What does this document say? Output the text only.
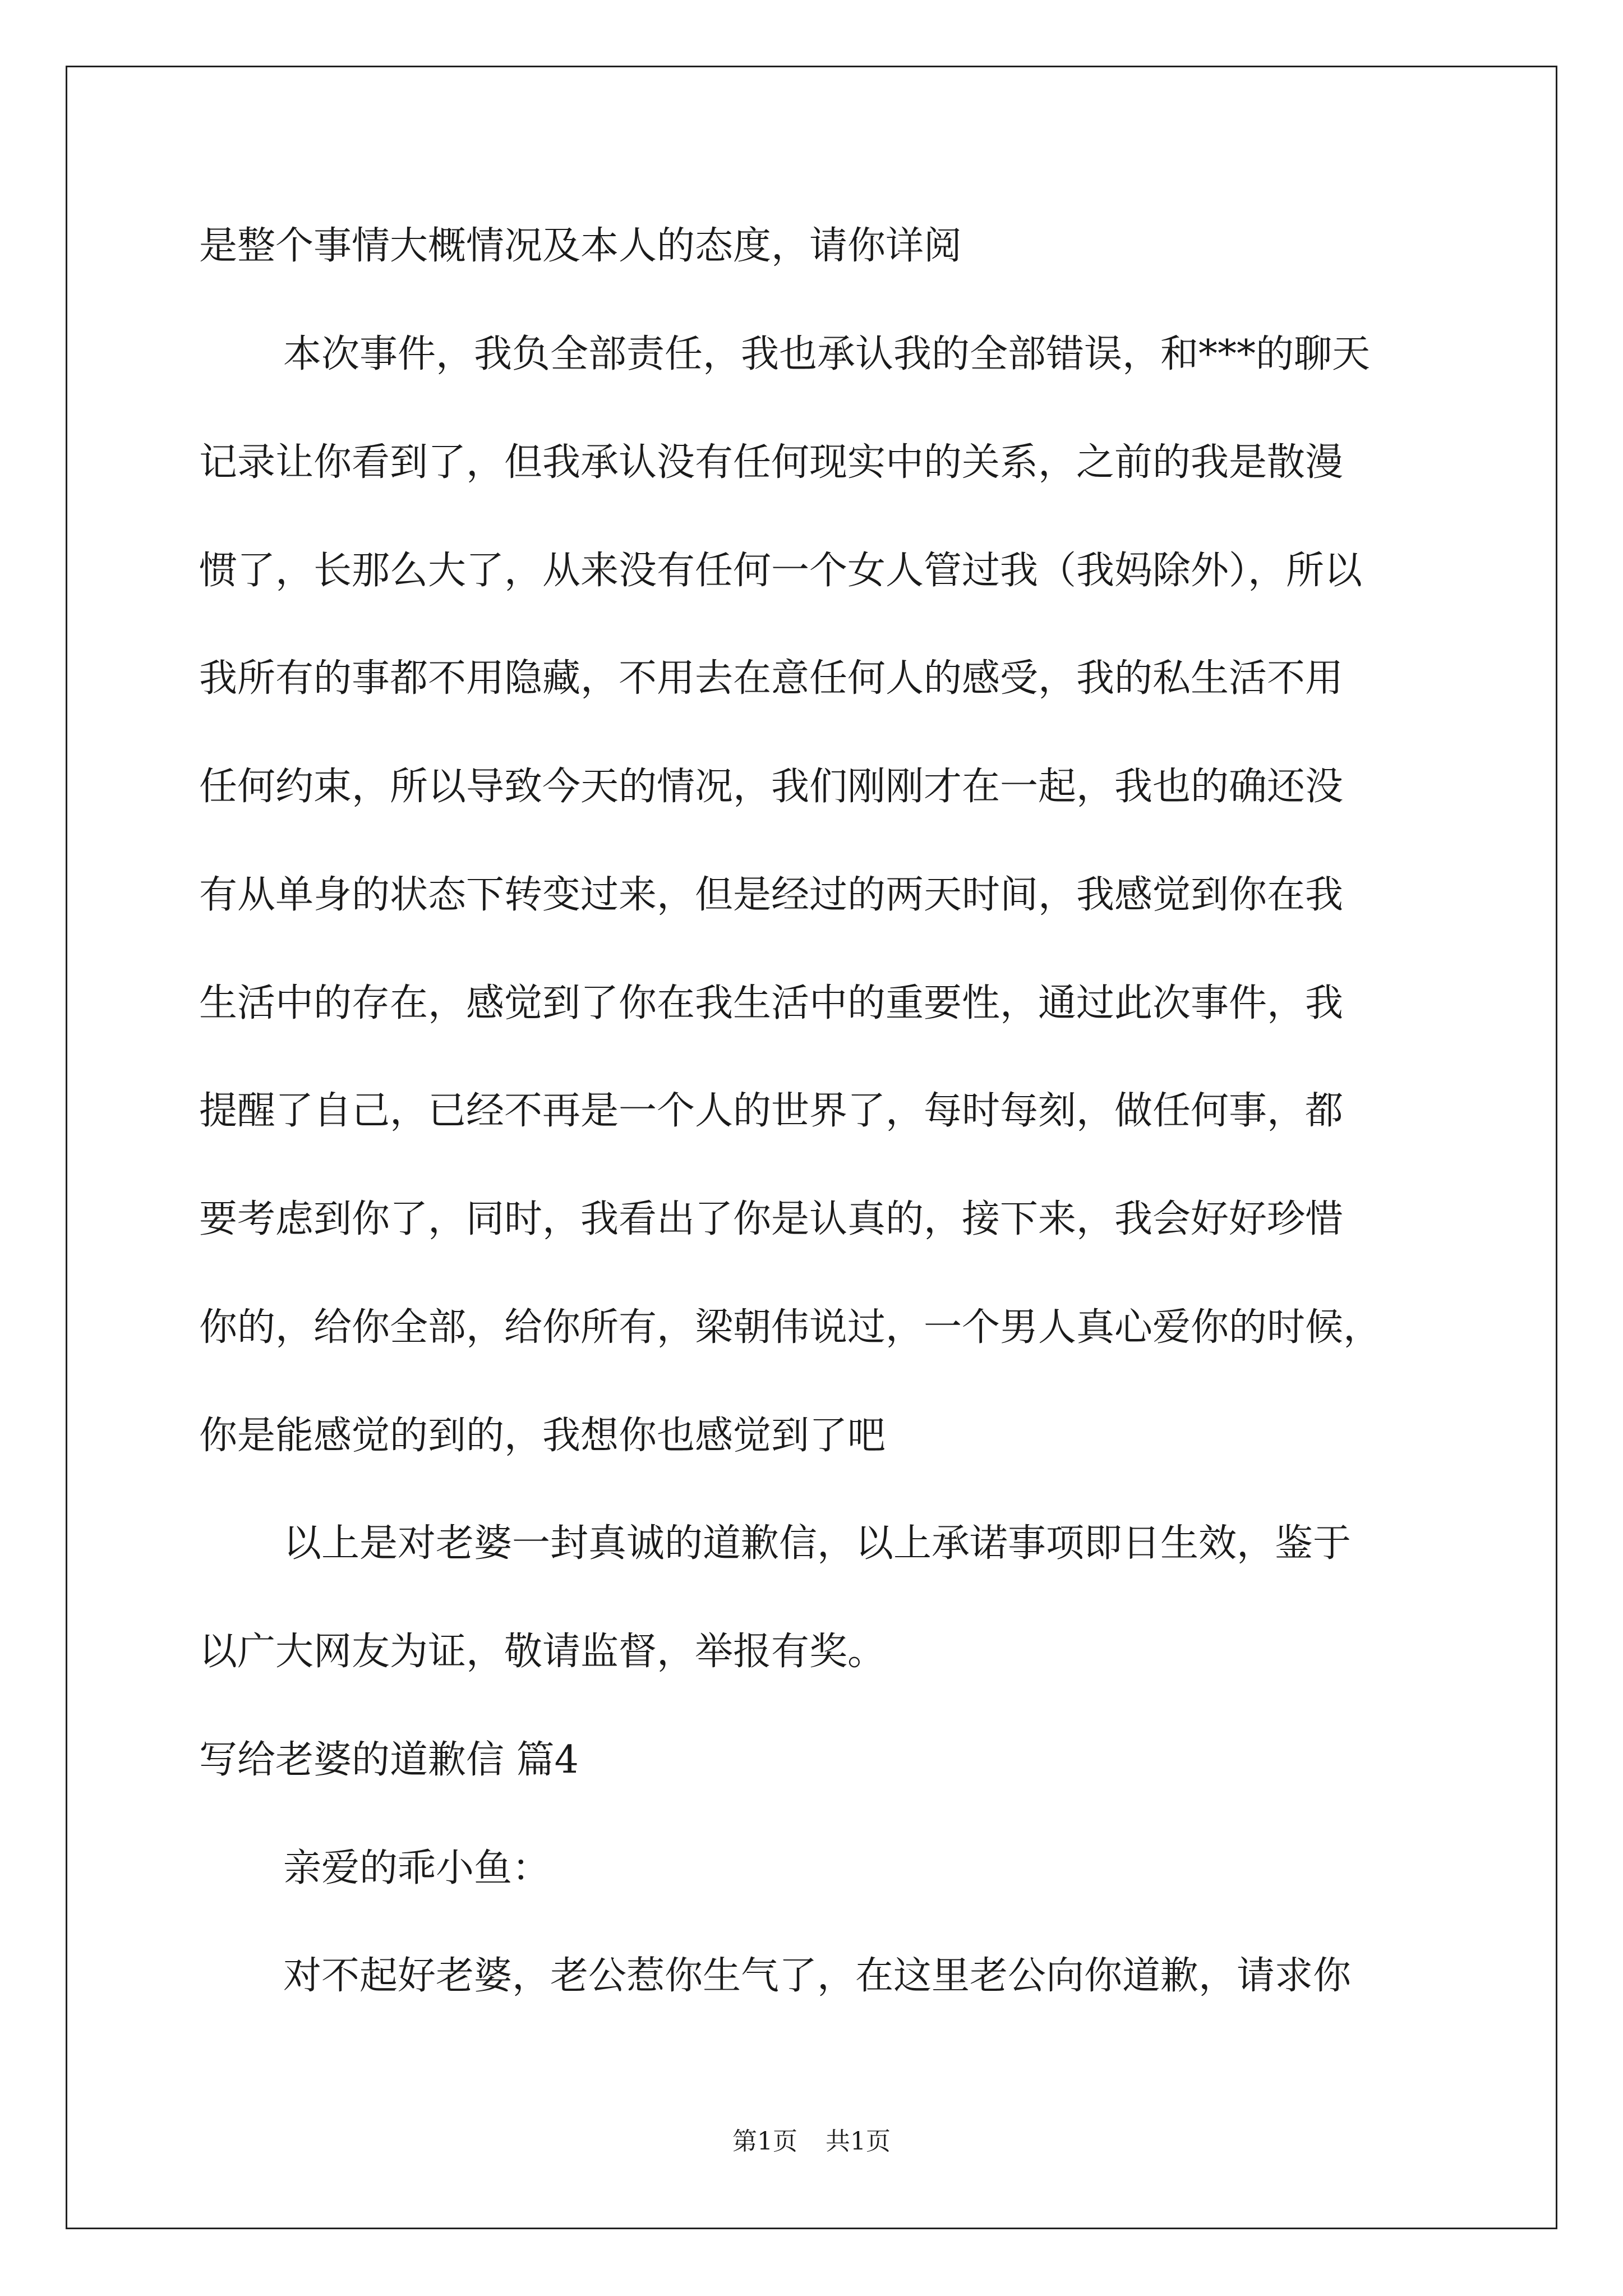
是整个事情大概情况及本人的态度，请你详阅
本次事件，我负全部责任，我也承认我的全部错误，和***的聊天
记录让你看到了，但我承认没有任何现实中的关系，之前的我是散漫
惯了，长那么大了，从来没有任何一个女人管过我（我妈除外），所以
我所有的事都不用隐藏，不用去在意任何人的感受，我的私生活不用
任何约束，所以导致今天的情况，我们刚刚才在一起，我也的确还没
有从单身的状态下转变过来，但是经过的两天时间，我感觉到你在我
生活中的存在，感觉到了你在我生活中的重要性，通过此次事件，我
提醒了自己，已经不再是一个人的世界了，每时每刻，做任何事，都
要考虑到你了，同时，我看出了你是认真的，接下来，我会好好珍惜
你的，给你全部，给你所有，梁朝伟说过，一个男人真心爱你的时候，
你是能感觉的到的，我想你也感觉到了吧
以上是对老婆一封真诚的道歉信，以上承诺事项即日生效，鉴于
以广大网友为证，敬请监督，举报有奖。
写给老婆的道歉信 篇4
亲爱的乖小鱼：
对不起好老婆，老公惹你生气了，在这里老公向你道歉，请求你
第1页 共1页
